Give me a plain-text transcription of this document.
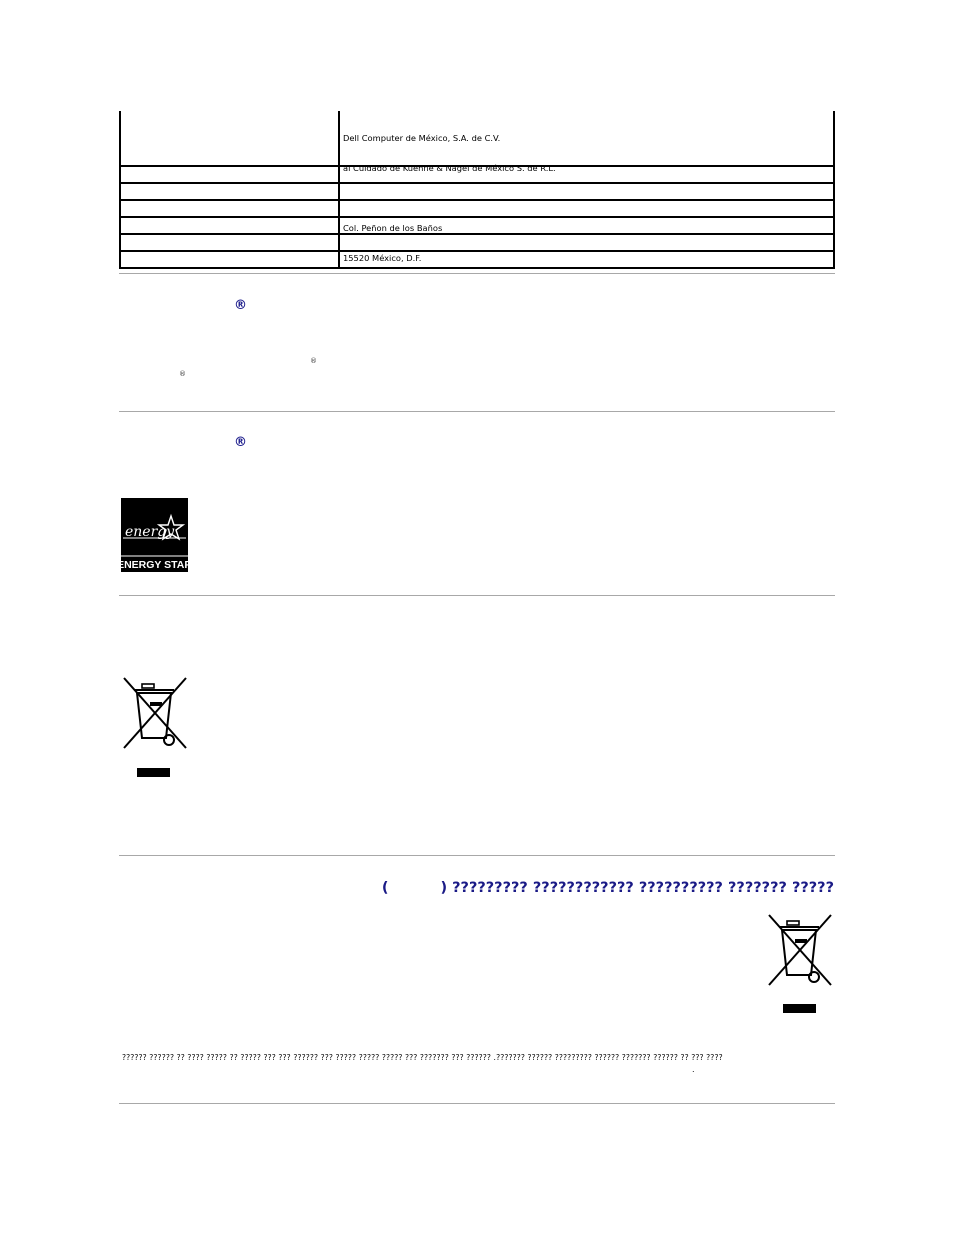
Dell Computer de México, S.A. de C.V.

al Cuidado de Kuehne & Nagel de México S. de R.L.

Col. Peñon de los Baños

15520 México, D.F.

®
®
®
®
energy
ENERGY STAR
(	) ????????? ???????????? ?????????? ??????? ?????
?????? ?????? ?? ???? ????? ?? ????? ??? ??? ?????? ??? ????? ????? ????? ??? ??????? ??? ?????? .??????? ?????? ????????? ?????? ??????? ?????? ?? ??? ????
.
